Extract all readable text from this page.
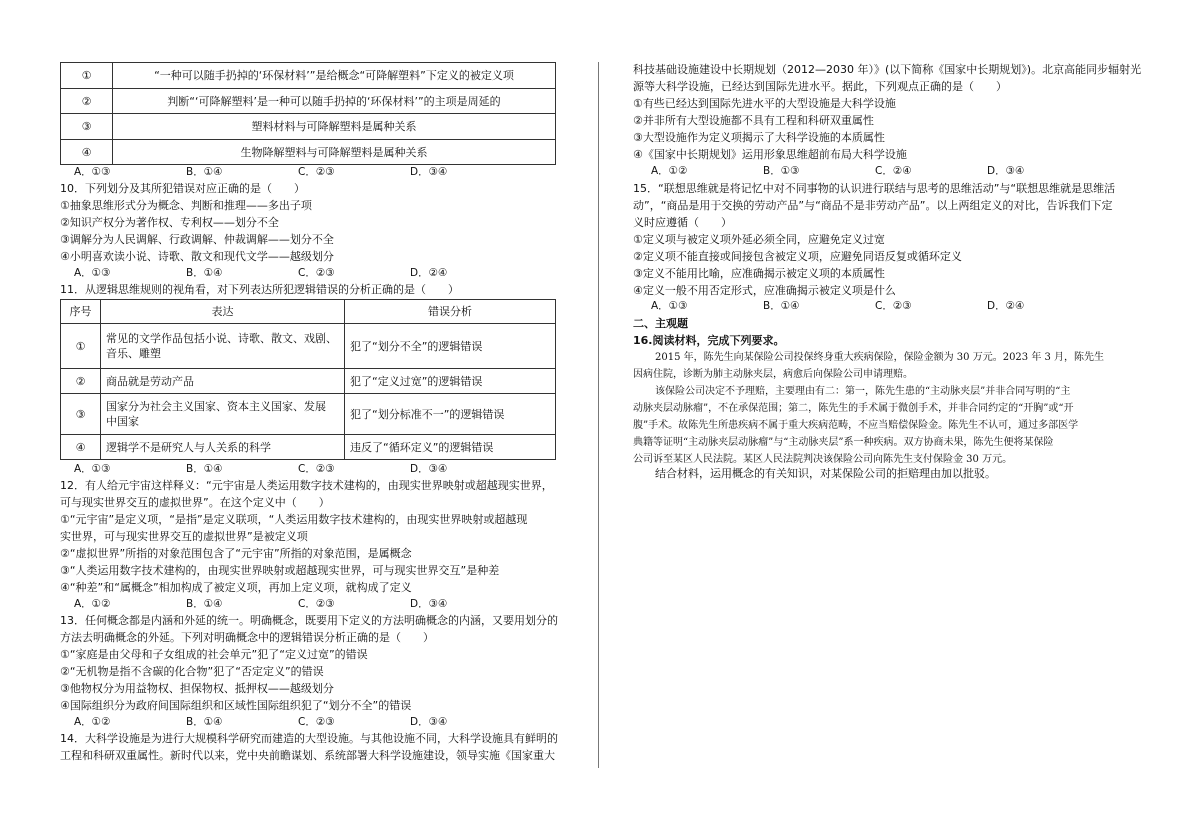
①	“一种可以随手扔掉的‘环保材料’”是给概念“可降解塑料”下定义的被定义项
②	判断“‘可降解塑料’是一种可以随手扔掉的‘环保材料’”的主项是周延的
③	塑料材料与可降解塑料是属种关系
④	生物降解塑料与可降解塑料是属种关系
A．①③	B．①④	C．②③	D．③④
10．下列划分及其所犯错误对应正确的是（　　）
①抽象思维形式分为概念、判断和推理——多出子项
②知识产权分为著作权、专利权——划分不全
③调解分为人民调解、行政调解、仲裁调解——划分不全
④小明喜欢读小说、诗歌、散文和现代文学——越级划分
A．①③	B．①④	C．②③	D．②④
11．从逻辑思维规则的视角看，对下列表达所犯逻辑错误的分析正确的是（　　）
序号	表达	错误分析
①	常见的文学作品包括小说、诗歌、散文、戏剧、
音乐、雕塑	犯了“划分不全”的逻辑错误
②	商品就是劳动产品	犯了“定义过宽”的逻辑错误
③	国家分为社会主义国家、资本主义国家、发展
中国家	犯了“划分标准不一”的逻辑错误
④	逻辑学不是研究人与人关系的科学	违反了“循环定义”的逻辑错误
A．①③	B．①④	C．②③	D．③④
12．有人给元宇宙这样释义：“元宇宙是人类运用数字技术建构的，由现实世界映射或超越现实世界，
可与现实世界交互的虚拟世界”。在这个定义中（　　）
①“元宇宙”是定义项，“是指”是定义联项，“人类运用数字技术建构的，由现实世界映射或超越现
实世界，可与现实世界交互的虚拟世界”是被定义项
②“虚拟世界”所指的对象范围包含了“元宇宙”所指的对象范围，是属概念
③“人类运用数字技术建构的，由现实世界映射或超越现实世界，可与现实世界交互”是种差
④“种差”和“属概念”相加构成了被定义项，再加上定义项，就构成了定义
A．①②	B．①④	C．②③	D．③④
13．任何概念都是内涵和外延的统一。明确概念，既要用下定义的方法明确概念的内涵，又要用划分的
方法去明确概念的外延。下列对明确概念中的逻辑错误分析正确的是（　　）
①“家庭是由父母和子女组成的社会单元”犯了“定义过宽”的错误
②“无机物是指不含碳的化合物”犯了“否定定义”的错误
③他物权分为用益物权、担保物权、抵押权——越级划分
④国际组织分为政府间国际组织和区域性国际组织犯了“划分不全”的错误
A．①②	B．①④	C．②③	D．③④
14．大科学设施是为进行大规模科学研究而建造的大型设施。与其他设施不同，大科学设施具有鲜明的
工程和科研双重属性。新时代以来，党中央前瞻谋划、系统部署大科学设施建设，领导实施《国家重大
科技基础设施建设中长期规划（2012—2030 年）》(以下简称《国家中长期规划》)。北京高能同步辐射光
源等大科学设施，已经达到国际先进水平。据此，下列观点正确的是（　　）
①有些已经达到国际先进水平的大型设施是大科学设施
②并非所有大型设施都不具有工程和科研双重属性
③大型设施作为定义项揭示了大科学设施的本质属性
④《国家中长期规划》运用形象思维超前布局大科学设施
A．①②	B．①③	C．②④	D．③④
15．“联想思维就是将记忆中对不同事物的认识进行联结与思考的思维活动”与“联想思维就是思维活
动”，“商品是用于交换的劳动产品”与“商品不是非劳动产品”。以上两组定义的对比，告诉我们下定
义时应遵循（　　）
①定义项与被定义项外延必须全同，应避免定义过宽
②定义项不能直接或间接包含被定义项，应避免同语反复或循环定义
③定义不能用比喻，应准确揭示被定义项的本质属性
④定义一般不用否定形式，应准确揭示被定义项是什么
A．①③	B．①④	C．②③	D．②④
二、主观题
16.阅读材料，完成下列要求。
2015 年，陈先生向某保险公司投保终身重大疾病保险，保险金额为 30 万元。2023 年 3 月，陈先生
因病住院，诊断为肺主动脉夹层，病愈后向保险公司申请理赔。
该保险公司决定不予理赔，主要理由有二：第一，陈先生患的“主动脉夹层”并非合同写明的“主
动脉夹层动脉瘤”，不在承保范围；第二，陈先生的手术属于微创手术，并非合同约定的“开胸”或“开
腹”手术。故陈先生所患疾病不属于重大疾病范畴，不应当赔偿保险金。陈先生不认可，通过多部医学
典籍等证明“主动脉夹层动脉瘤”与“主动脉夹层”系一种疾病。双方协商未果，陈先生便将某保险
公司诉至某区人民法院。某区人民法院判决该保险公司向陈先生支付保险金 30 万元。
结合材料，运用概念的有关知识，对某保险公司的拒赔理由加以批驳。
